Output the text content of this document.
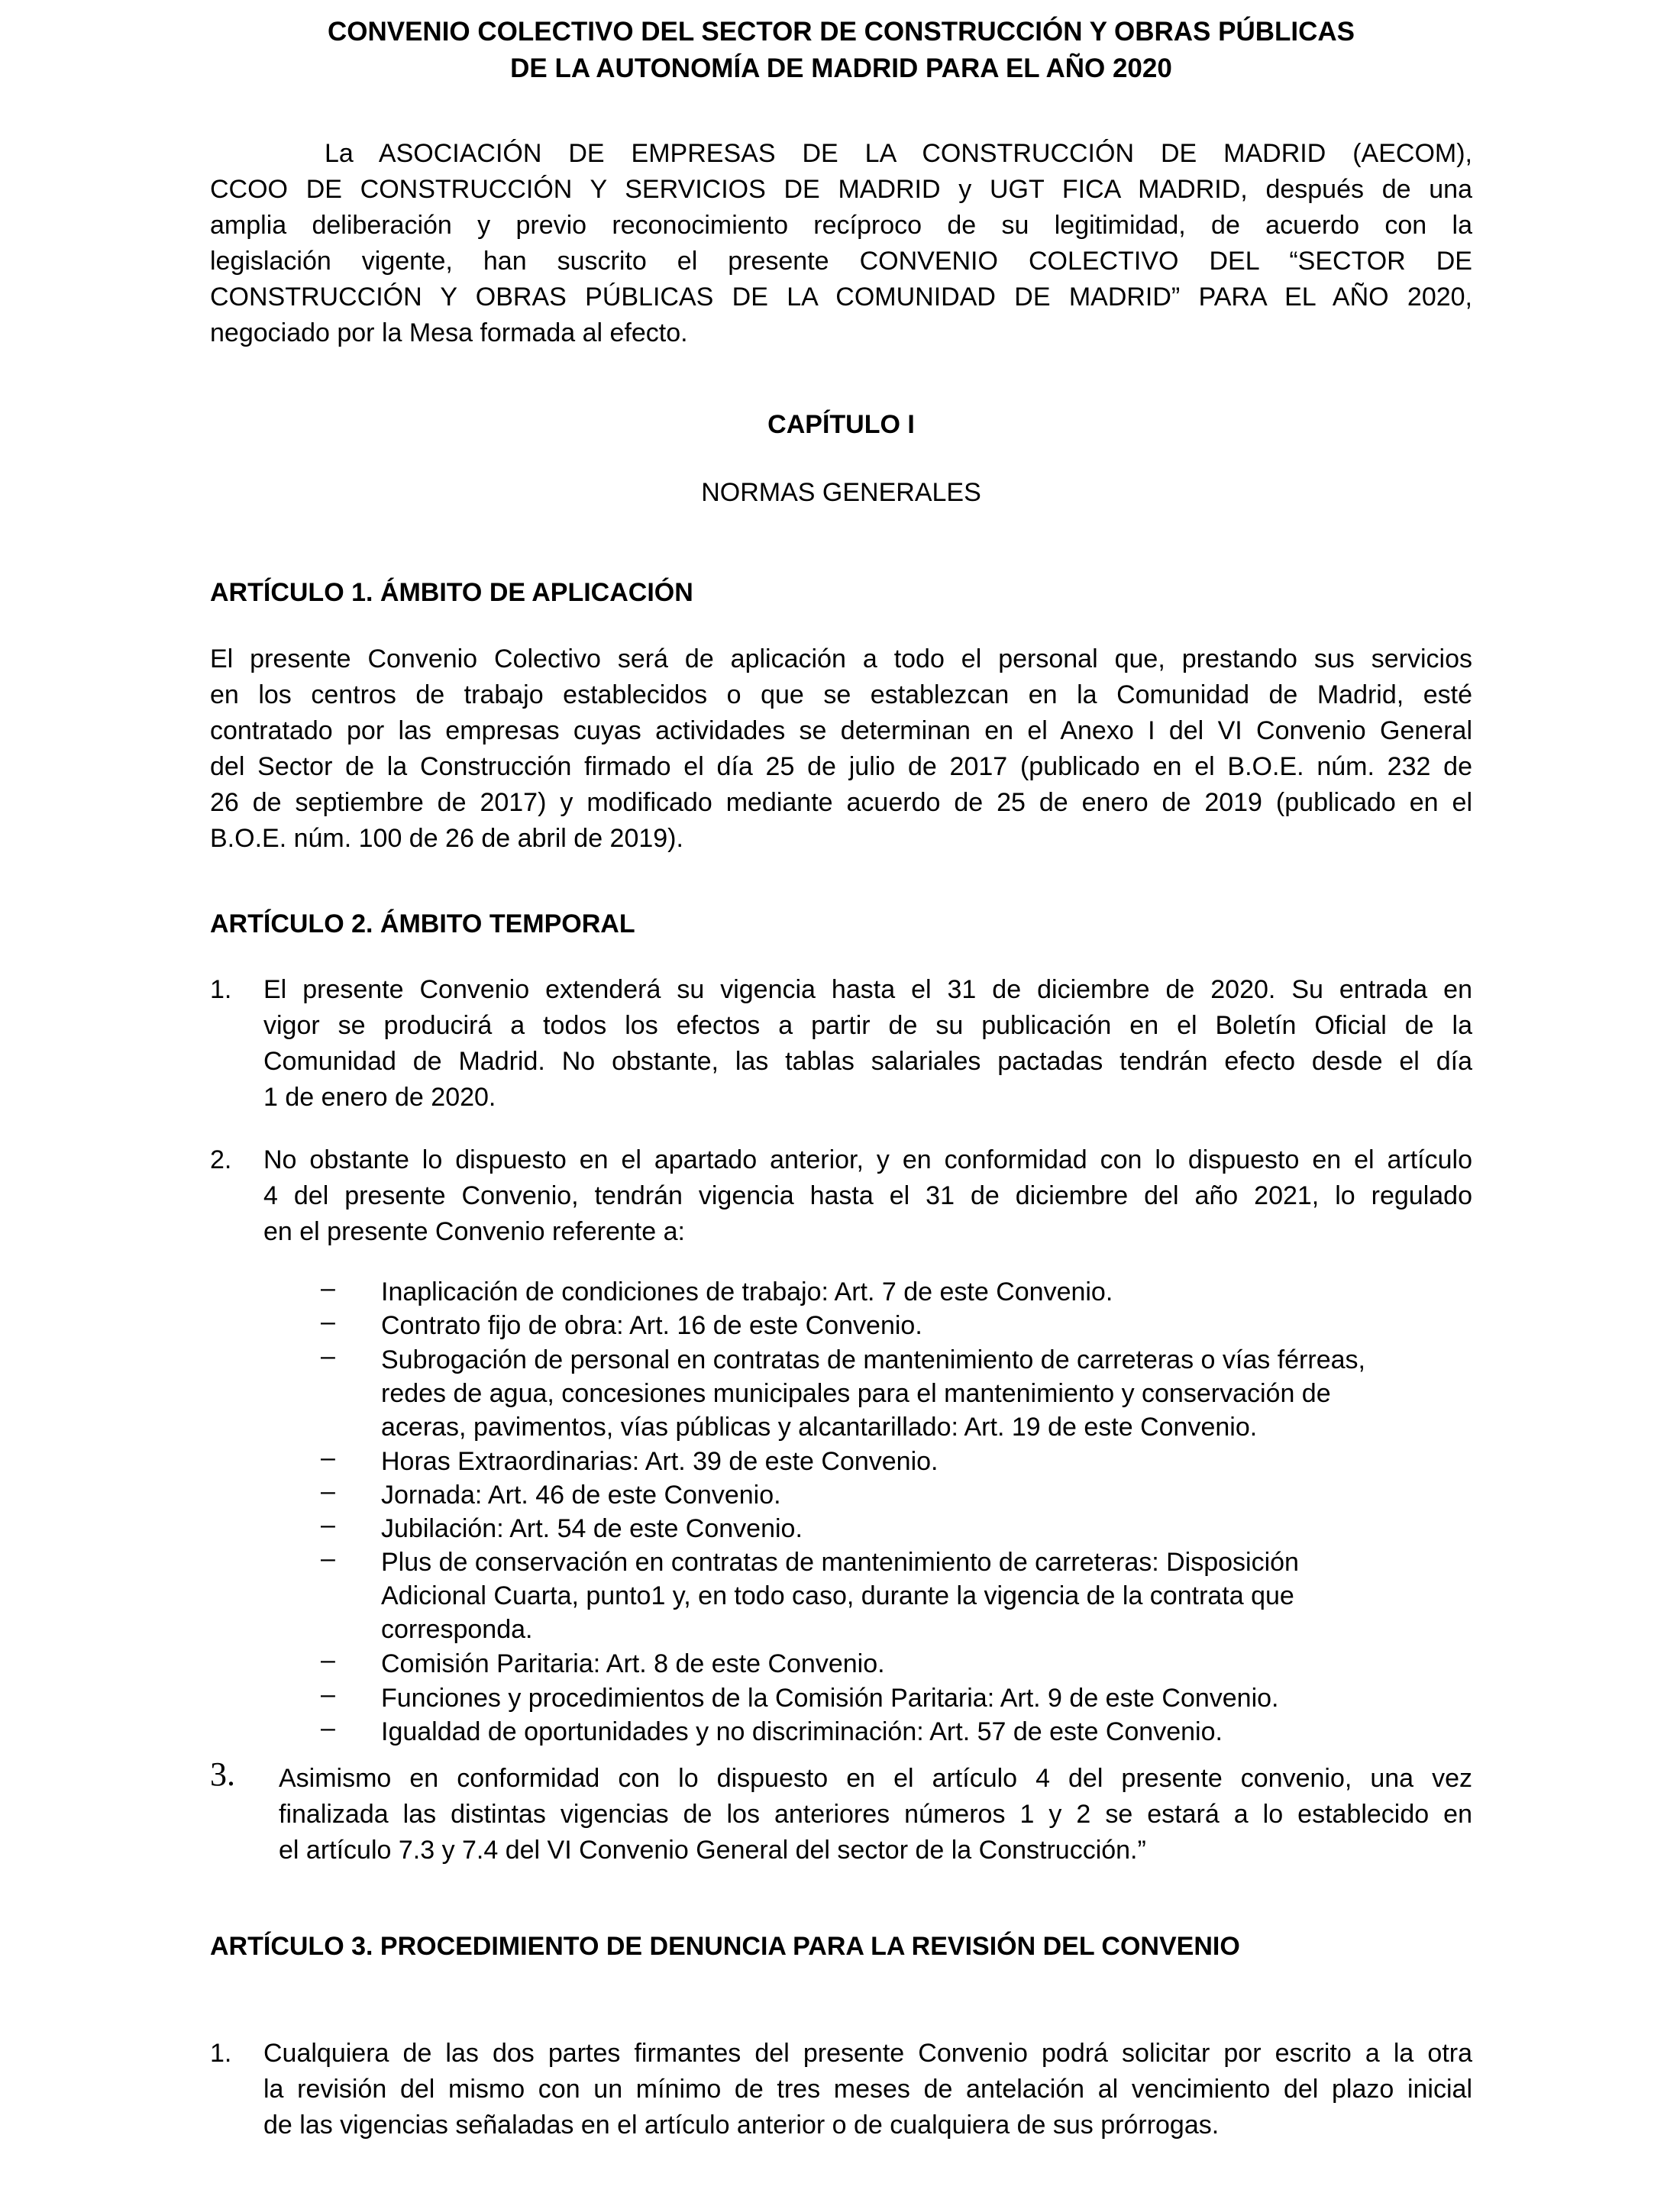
CONVENIO COLECTIVO DEL SECTOR DE CONSTRUCCIÓN Y OBRAS PÚBLICAS
DE LA AUTONOMÍA DE MADRID PARA EL AÑO 2020
La ASOCIACIÓN DE EMPRESAS DE LA CONSTRUCCIÓN DE MADRID (AECOM),
CCOO DE CONSTRUCCIÓN Y SERVICIOS DE MADRID y UGT FICA MADRID, después de una
amplia deliberación y previo reconocimiento recíproco de su legitimidad, de acuerdo con la
legislación vigente, han suscrito el presente CONVENIO COLECTIVO DEL “SECTOR DE
CONSTRUCCIÓN Y OBRAS PÚBLICAS DE LA COMUNIDAD DE MADRID” PARA EL AÑO 2020,
negociado por la Mesa formada al efecto.
CAPÍTULO I
NORMAS GENERALES
ARTÍCULO 1. ÁMBITO DE APLICACIÓN
El presente Convenio Colectivo será de aplicación a todo el personal que, prestando sus servicios
en los centros de trabajo establecidos o que se establezcan en la Comunidad de Madrid, esté
contratado por las empresas cuyas actividades se determinan en el Anexo I del VI Convenio General
del Sector de la Construcción firmado el día 25 de julio de 2017 (publicado en el B.O.E. núm. 232 de
26 de septiembre de 2017) y modificado mediante acuerdo de 25 de enero de 2019 (publicado en el
B.O.E. núm. 100 de 26 de abril de 2019).
ARTÍCULO 2. ÁMBITO TEMPORAL
1. El presente Convenio extenderá su vigencia hasta el 31 de diciembre de 2020. Su entrada en
vigor se producirá a todos los efectos a partir de su publicación en el Boletín Oficial de la
Comunidad de Madrid. No obstante, las tablas salariales pactadas tendrán efecto desde el día
1 de enero de 2020.
2. No obstante lo dispuesto en el apartado anterior, y en conformidad con lo dispuesto en el artículo
4 del presente Convenio, tendrán vigencia hasta el 31 de diciembre del año 2021, lo regulado
en el presente Convenio referente a:
– Inaplicación de condiciones de trabajo: Art. 7 de este Convenio.
– Contrato fijo de obra: Art. 16 de este Convenio.
– Subrogación de personal en contratas de mantenimiento de carreteras o vías férreas,
redes de agua, concesiones municipales para el mantenimiento y conservación de
aceras, pavimentos, vías públicas y alcantarillado: Art. 19 de este Convenio.
– Horas Extraordinarias: Art. 39 de este Convenio.
– Jornada: Art. 46 de este Convenio.
– Jubilación: Art. 54 de este Convenio.
– Plus de conservación en contratas de mantenimiento de carreteras: Disposición
Adicional Cuarta, punto1 y, en todo caso, durante la vigencia de la contrata que
corresponda.
– Comisión Paritaria: Art. 8 de este Convenio.
– Funciones y procedimientos de la Comisión Paritaria: Art. 9 de este Convenio.
– Igualdad de oportunidades y no discriminación: Art. 57 de este Convenio.
3. Asimismo en conformidad con lo dispuesto en el artículo 4 del presente convenio, una vez
finalizada las distintas vigencias de los anteriores números 1 y 2 se estará a lo establecido en
el artículo 7.3 y 7.4 del VI Convenio General del sector de la Construcción.”
ARTÍCULO 3. PROCEDIMIENTO DE DENUNCIA PARA LA REVISIÓN DEL CONVENIO
1. Cualquiera de las dos partes firmantes del presente Convenio podrá solicitar por escrito a la otra
la revisión del mismo con un mínimo de tres meses de antelación al vencimiento del plazo inicial
de las vigencias señaladas en el artículo anterior o de cualquiera de sus prórrogas.
